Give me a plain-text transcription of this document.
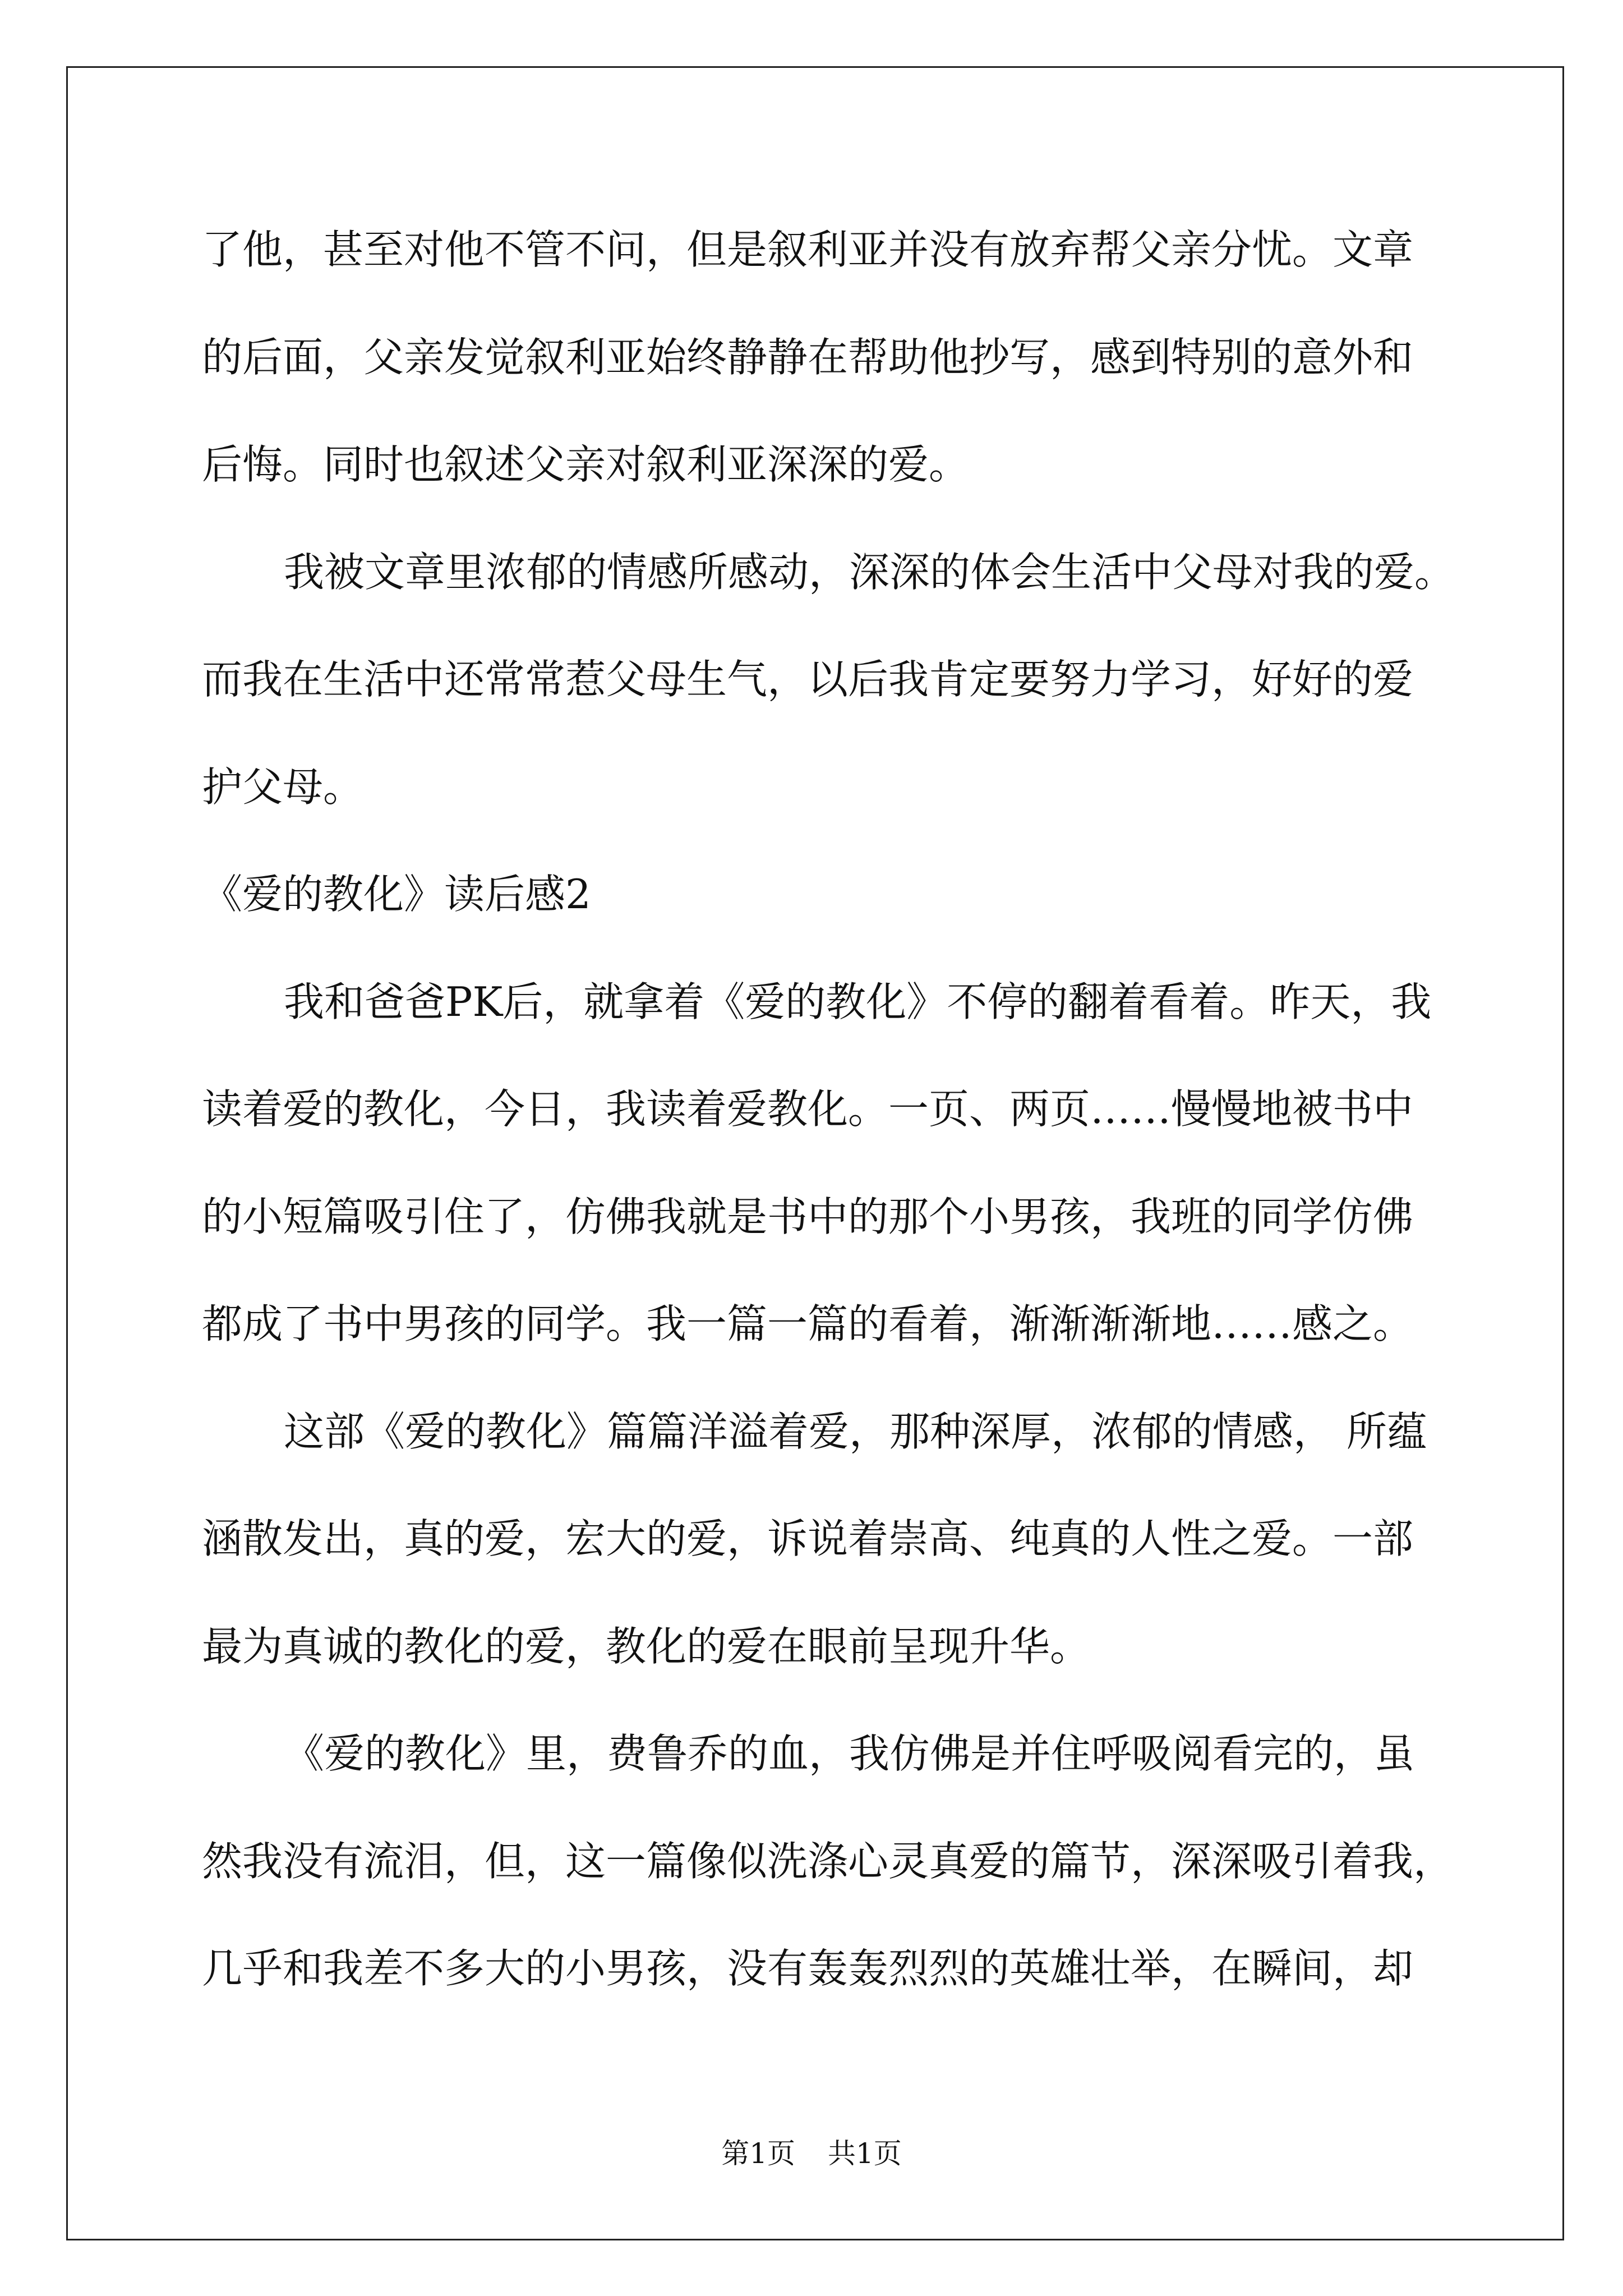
了他，甚至对他不管不问，但是叙利亚并没有放弃帮父亲分忧。文章
的后面，父亲发觉叙利亚始终静静在帮助他抄写，感到特别的意外和
后悔。同时也叙述父亲对叙利亚深深的爱。
我被文章里浓郁的情感所感动，深深的体会生活中父母对我的爱。
而我在生活中还常常惹父母生气，以后我肯定要努力学习，好好的爱
护父母。
《爱的教化》读后感2
我和爸爸PK后，就拿着《爱的教化》不停的翻着看着。昨天，我
读着爱的教化，今日，我读着爱教化。一页、两页……慢慢地被书中
的小短篇吸引住了，仿佛我就是书中的那个小男孩，我班的同学仿佛
都成了书中男孩的同学。我一篇一篇的看着，渐渐渐渐地……感之。
这部《爱的教化》篇篇洋溢着爱，那种深厚，浓郁的情感， 所蕴
涵散发出，真的爱，宏大的爱，诉说着崇高、纯真的人性之爱。一部
最为真诚的教化的爱，教化的爱在眼前呈现升华。
《爱的教化》里，费鲁乔的血，我仿佛是并住呼吸阅看完的，虽
然我没有流泪，但，这一篇像似洗涤心灵真爱的篇节，深深吸引着我，
几乎和我差不多大的小男孩，没有轰轰烈烈的英雄壮举，在瞬间，却
第1页 共1页
